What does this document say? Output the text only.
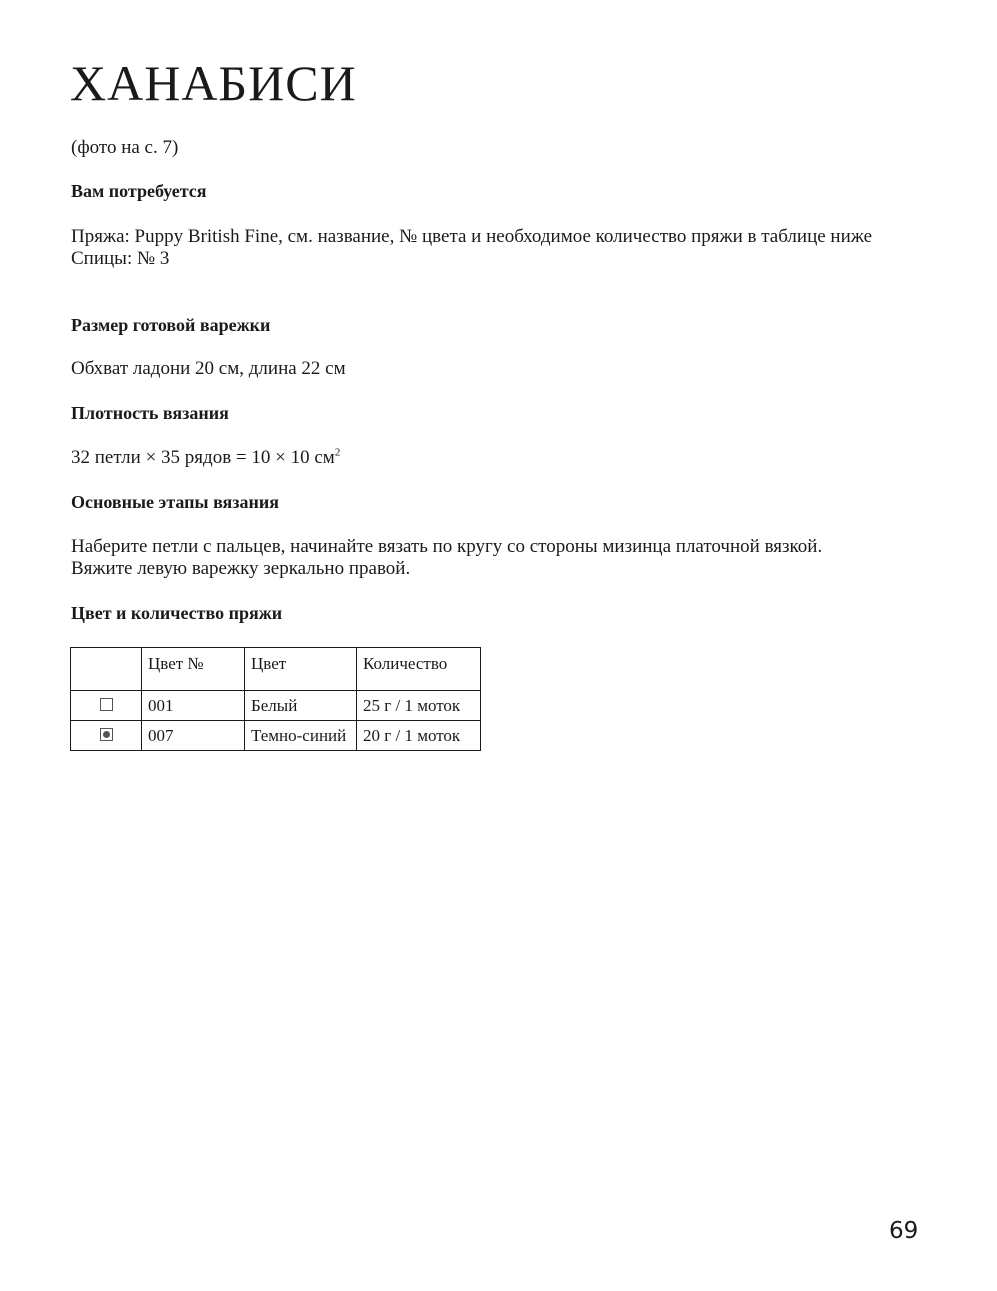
ХАНАБИСИ

(фото на с. 7)

Вам потребуется
Пряжа: Puppy British Fine, см. название, № цвета и необходимое количество пряжи в таблице ниже
Спицы: № 3
Размер готовой варежки

Обхват ладони 20 см, длина 22 см

Плотность вязания

32 петли × 35 рядов = 10 × 10 $см^2$

Основные этапы вязания
Наберите петли с пальцев, начинайте вязать по кругу со стороны мизинца платочной вязкой.
Вяжите левую варежку зеркально правой.
Цвет и количество пряжи
	Цвет №	Цвет	Количество
	001	Белый	25 г / 1 моток

	007	Темно-синий	20 г / 1 моток

69
